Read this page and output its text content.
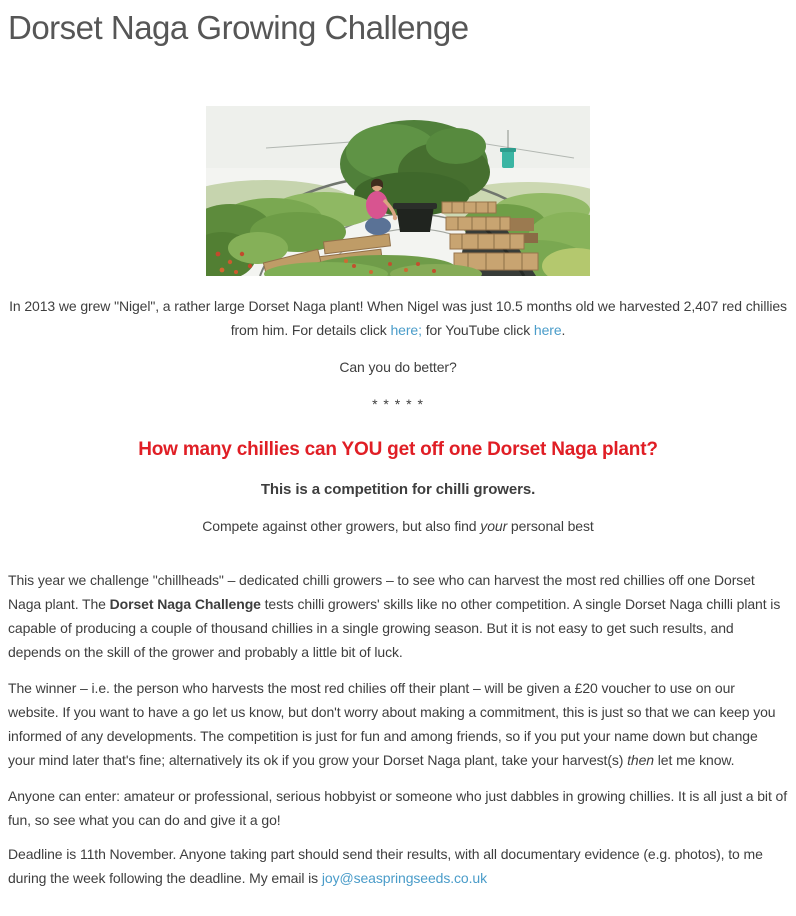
Dorset Naga Growing Challenge

In 2013 we grew "Nigel", a rather large Dorset Naga plant! When Nigel was just 10.5 months old we harvested 2,407 red chillies from him. For details click here; for YouTube click here.

Can you do better?

* * * * *

How many chillies can YOU get off one Dorset Naga plant?

This is a competition for chilli growers.

Compete against other growers, but also find your personal best

This year we challenge "chillheads" – dedicated chilli growers – to see who can harvest the most red chillies off one Dorset Naga plant. The Dorset Naga Challenge tests chilli growers' skills like no other competition. A single Dorset Naga chilli plant is capable of producing a couple of thousand chillies in a single growing season. But it is not easy to get such results, and depends on the skill of the grower and probably a little bit of luck.

The winner – i.e. the person who harvests the most red chilies off their plant – will be given a £20 voucher to use on our website. If you want to have a go let us know, but don't worry about making a commitment, this is just so that we can keep you informed of any developments. The competition is just for fun and among friends, so if you put your name down but change your mind later that's fine; alternatively its ok if you grow your Dorset Naga plant, take your harvest(s) then let me know.

Anyone can enter: amateur or professional, serious hobbyist or someone who just dabbles in growing chillies. It is all just a bit of fun, so see what you can do and give it a go!

Deadline is 11th November. Anyone taking part should send their results, with all documentary evidence (e.g. photos), to me during the week following the deadline. My email is joy@seaspringseeds.co.uk
